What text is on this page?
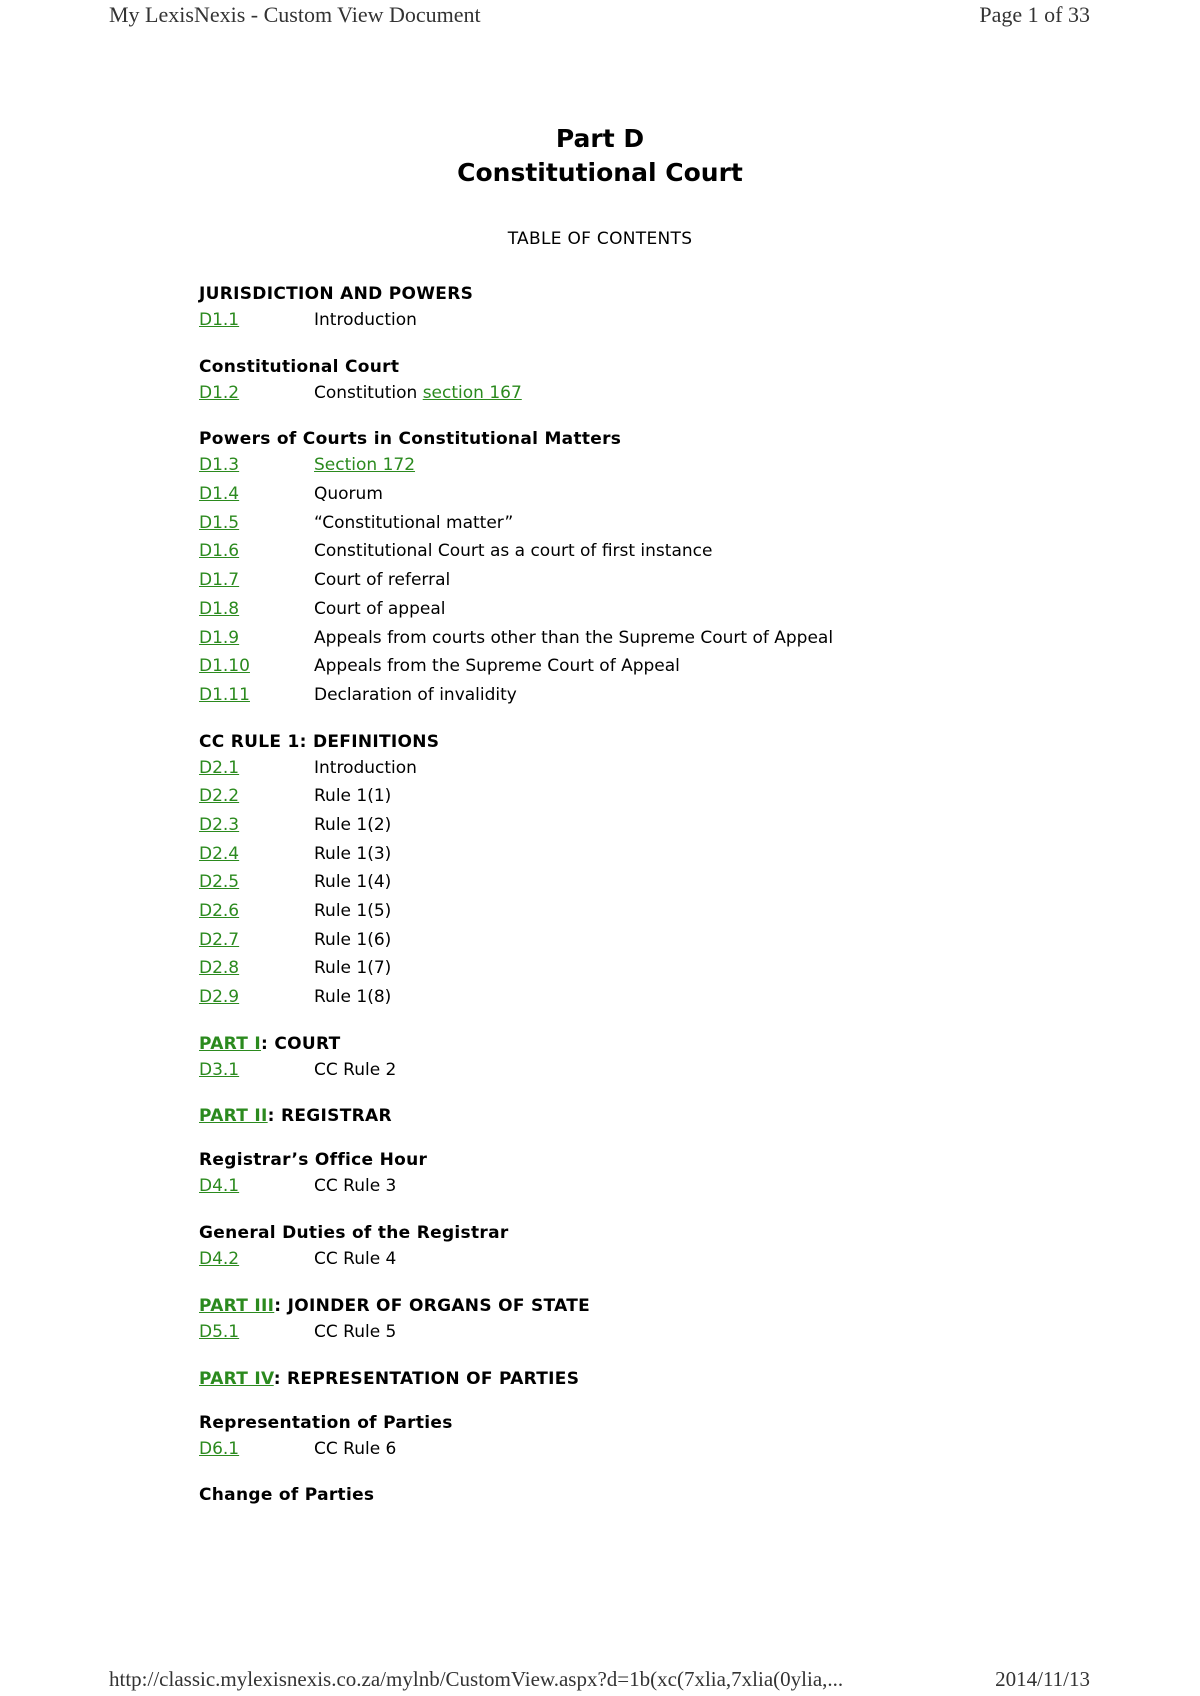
My LexisNexis - Custom View Document	Page 1 of 33
Part D
Constitutional Court
TABLE OF CONTENTS
JURISDICTION AND POWERS
D1.1	Introduction
Constitutional Court
D1.2	Constitution section 167
Powers of Courts in Constitutional Matters
D1.3	Section 172
D1.4	Quorum
D1.5	“Constitutional matter”
D1.6	Constitutional Court as a court of first instance
D1.7	Court of referral
D1.8	Court of appeal
D1.9	Appeals from courts other than the Supreme Court of Appeal
D1.10	Appeals from the Supreme Court of Appeal
D1.11	Declaration of invalidity
CC RULE 1: DEFINITIONS
D2.1	Introduction
D2.2	Rule 1(1)
D2.3	Rule 1(2)
D2.4	Rule 1(3)
D2.5	Rule 1(4)
D2.6	Rule 1(5)
D2.7	Rule 1(6)
D2.8	Rule 1(7)
D2.9	Rule 1(8)
PART I: COURT
D3.1	CC Rule 2
PART II: REGISTRAR
Registrar’s Office Hour
D4.1	CC Rule 3
General Duties of the Registrar
D4.2	CC Rule 4
PART III: JOINDER OF ORGANS OF STATE
D5.1	CC Rule 5
PART IV: REPRESENTATION OF PARTIES
Representation of Parties
D6.1	CC Rule 6
Change of Parties
http://classic.mylexisnexis.co.za/mylnb/CustomView.aspx?d=1b(xc(7xlia,7xlia(0ylia,...	2014/11/13
